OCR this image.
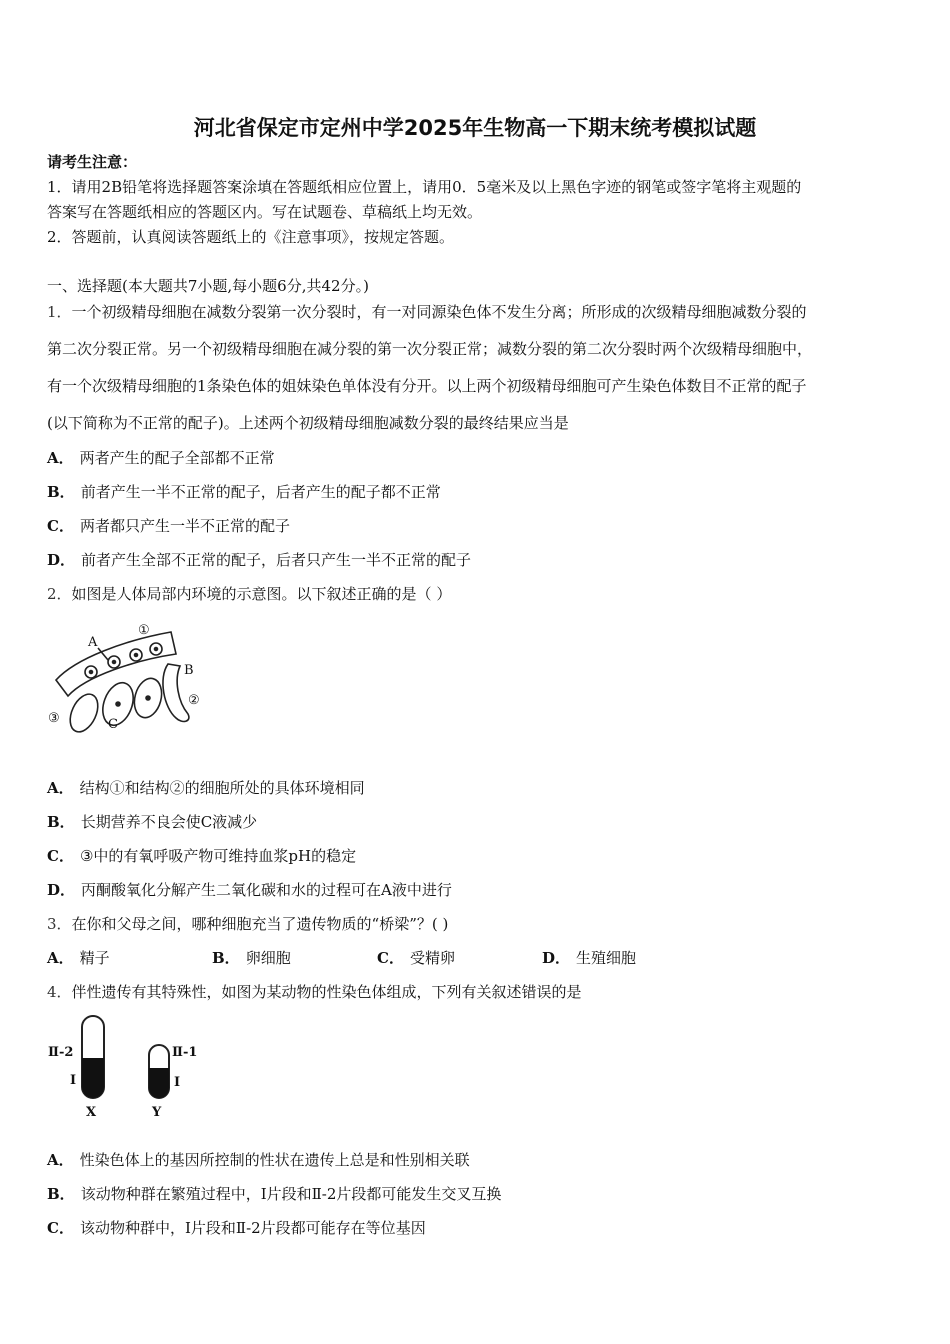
河北省保定市定州中学2025年生物高一下期末统考模拟试题
请考生注意：
1．请用2B铅笔将选择题答案涂填在答题纸相应位置上，请用0．5毫米及以上黑色字迹的钢笔或签字笔将主观题的
答案写在答题纸相应的答题区内。写在试题卷、草稿纸上均无效。
2．答题前，认真阅读答题纸上的《注意事项》，按规定答题。
一、选择题(本大题共7小题,每小题6分,共42分。)
1．一个初级精母细胞在减数分裂第一次分裂时，有一对同源染色体不发生分离；所形成的次级精母细胞减数分裂的
第二次分裂正常。另一个初级精母细胞在减分裂的第一次分裂正常；减数分裂的第二次分裂时两个次级精母细胞中，
有一个次级精母细胞的1条染色体的姐妹染色单体没有分开。以上两个初级精母细胞可产生染色体数目不正常的配子
(以下简称为不正常的配子)。上述两个初级精母细胞减数分裂的最终结果应当是
A． 两者产生的配子全部都不正常
B． 前者产生一半不正常的配子，后者产生的配子都不正常
C． 两者都只产生一半不正常的配子
D． 前者产生全部不正常的配子，后者只产生一半不正常的配子
2．如图是人体局部内环境的示意图。以下叙述正确的是（ ）
A
①
B
②
③	C
A． 结构①和结构②的细胞所处的具体环境相同
B． 长期营养不良会使C液减少
C． ③中的有氧呼吸产物可维持血浆pH的稳定
D． 丙酮酸氧化分解产生二氧化碳和水的过程可在A液中进行
3．在你和父母之间，哪种细胞充当了遗传物质的“桥梁”？( )
A． 精子	B． 卵细胞	C． 受精卵	D． 生殖细胞
4．伴性遗传有其特殊性，如图为某动物的性染色体组成，下列有关叙述错误的是
Ⅱ-2
Ⅰ
X
Ⅱ-1
Ⅰ
Y
A． 性染色体上的基因所控制的性状在遗传上总是和性别相关联
B． 该动物种群在繁殖过程中，Ⅰ片段和Ⅱ-2片段都可能发生交叉互换
C． 该动物种群中，Ⅰ片段和Ⅱ-2片段都可能存在等位基因
